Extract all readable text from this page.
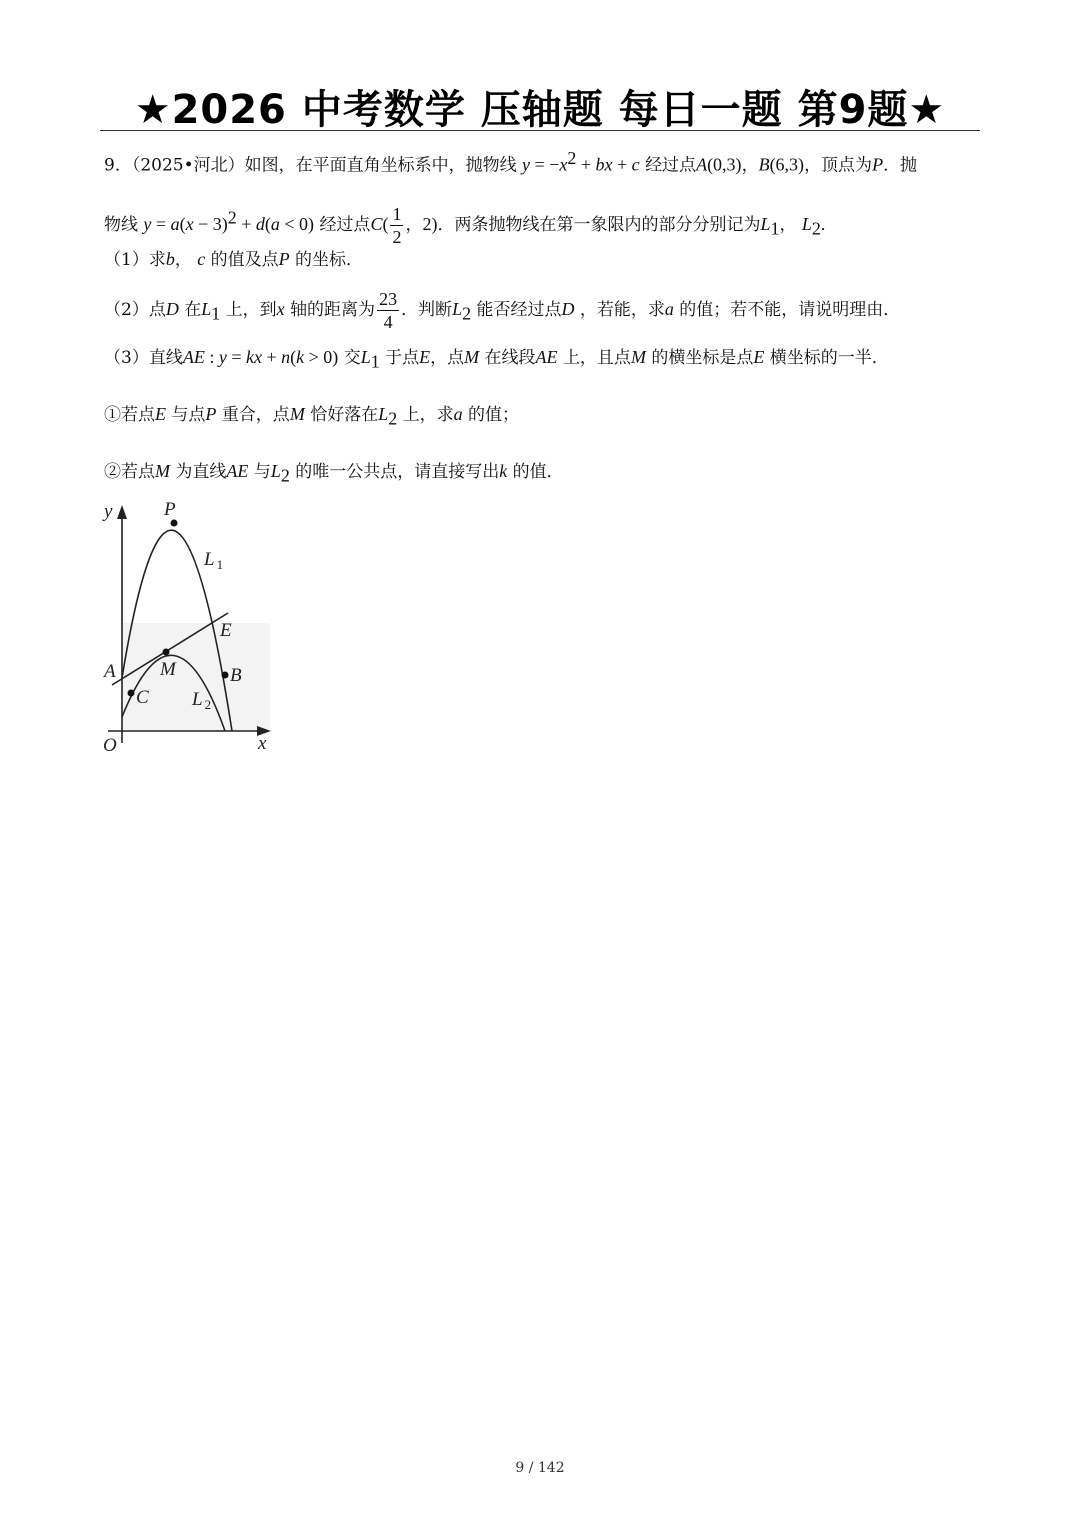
★2026 中考数学 压轴题 每日一题 第9题★
9．（2025•河北）如图，在平面直角坐标系中，抛物线 $y = -x^2$ + bx + c 经过点A(0,3)，B(6,3)，顶点为P．抛
物线 $y = a(x - 3)^2 + d(a < 0)$ 经过点$C( \frac{1}{2}$ ，2)．两条抛物线在第一象限内的部分分别记为$L_1$， $L_2$.
（1）求b， c 的值及点P 的坐标．
（2）点D 在$L_1$ 上，到x 轴的距离为 $\frac{23}{4}$ ．判断$L_2$ 能否经过点D ，若能，求a 的值；若不能，请说明理由．
（3）直线AE : y = kx + n(k > 0) 交$L_1$ 于点E，点M 在线段AE 上，且点M 的横坐标是点E 横坐标的一半．
①若点E 与点P 重合，点M 恰好落在$L_2$ 上，求a 的值；
②若点M 为直线AE 与$L_2$ 的唯一公共点，请直接写出k 的值．
y	P
L $_1$
E
A M	B
C L $_2$
O	x
9 / 142
